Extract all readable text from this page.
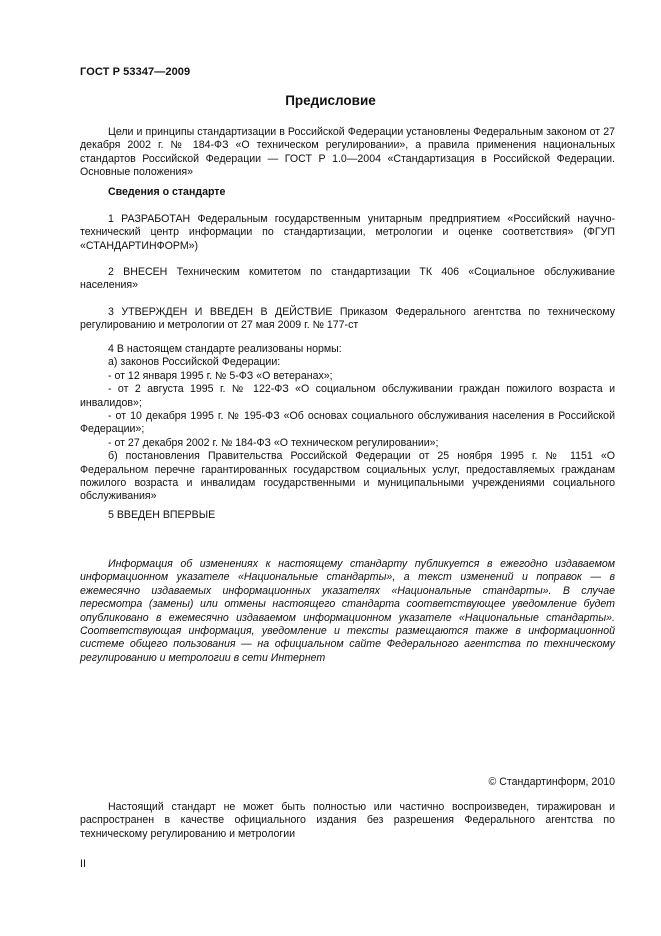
ГОСТ Р 53347—2009
Предисловие

Цели и принципы стандартизации в Российской Федерации установлены Федеральным законом от 27 декабря 2002 г. № 184-ФЗ «О техническом регулировании», а правила применения национальных стандартов Российской Федерации — ГОСТ Р 1.0—2004 «Стандартизация в Российской Федерации. Основные положения»

Сведения о стандарте

1 РАЗРАБОТАН Федеральным государственным унитарным предприятием «Российский научно-технический центр информации по стандартизации, метрологии и оценке соответствия» (ФГУП «СТАНДАРТИНФОРМ»)

2 ВНЕСЕН Техническим комитетом по стандартизации ТК 406 «Социальное обслуживание населения»

3 УТВЕРЖДЕН И ВВЕДЕН В ДЕЙСТВИЕ Приказом Федерального агентства по техническому регулированию и метрологии от 27 мая 2009 г. № 177-ст

4 В настоящем стандарте реализованы нормы:

а) законов Российской Федерации:

- от 12 января 1995 г. № 5-ФЗ «О ветеранах»;

- от 2 августа 1995 г. № 122-ФЗ «О социальном обслуживании граждан пожилого возраста и инвалидов»;

- от 10 декабря 1995 г. № 195-ФЗ «Об основах социального обслуживания населения в Российской Федерации»;

- от 27 декабря 2002 г. № 184-ФЗ «О техническом регулировании»;

б) постановления Правительства Российской Федерации от 25 ноября 1995 г. № 1151 «О Федеральном перечне гарантированных государством социальных услуг, предоставляемых гражданам пожилого возраста и инвалидам государственными и муниципальными учреждениями социального обслуживания»

5 ВВЕДЕН ВПЕРВЫЕ

Информация об изменениях к настоящему стандарту публикуется в ежегодно издаваемом информационном указателе «Национальные стандарты», а текст изменений и поправок — в ежемесячно издаваемых информационных указателях «Национальные стандарты». В случае пересмотра (замены) или отмены настоящего стандарта соответствующее уведомление будет опубликовано в ежемесячно издаваемом информационном указателе «Национальные стандарты». Соответствующая информация, уведомление и тексты размещаются также в информационной системе общего пользования — на официальном сайте Федерального агентства по техническому регулированию и метрологии в сети Интернет

© Стандартинформ, 2010

Настоящий стандарт не может быть полностью или частично воспроизведен, тиражирован и распространен в качестве официального издания без разрешения Федерального агентства по техническому регулированию и метрологии

II
